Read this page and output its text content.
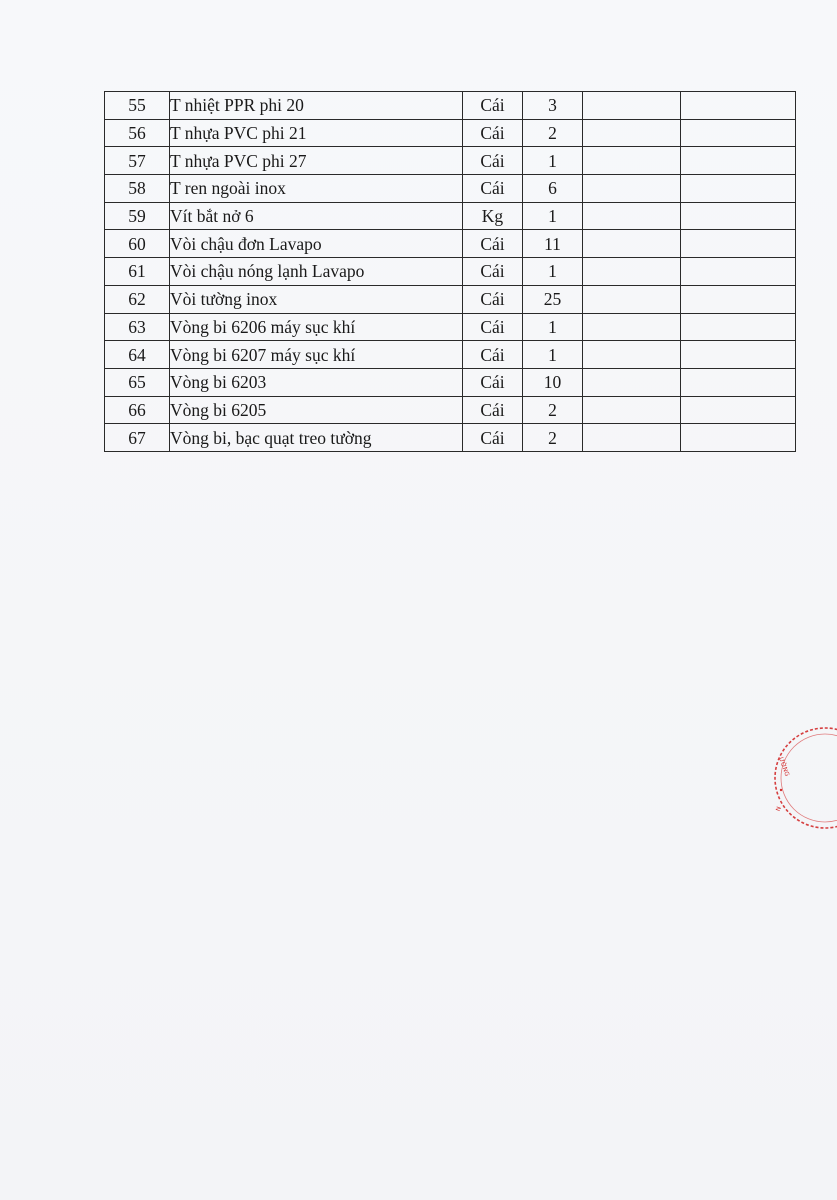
55	T nhiệt PPR phi 20	Cái	3		
56	T nhựa PVC phi 21	Cái	2		
57	T nhựa PVC phi 27	Cái	1		
58	T ren ngoài inox	Cái	6		
59	Vít bắt nở 6	Kg	1		
60	Vòi chậu đơn Lavapo	Cái	11		
61	Vòi chậu nóng lạnh Lavapo	Cái	1		
62	Vòi tường inox	Cái	25		
63	Vòng bi 6206 máy sục khí	Cái	1		
64	Vòng bi 6207 máy sục khí	Cái	1		
65	Vòng bi 6203	Cái	10		
66	Vòng bi 6205	Cái	2		
67	Vòng bi, bạc quạt treo tường	Cái	2		
ƯỜNG
N
